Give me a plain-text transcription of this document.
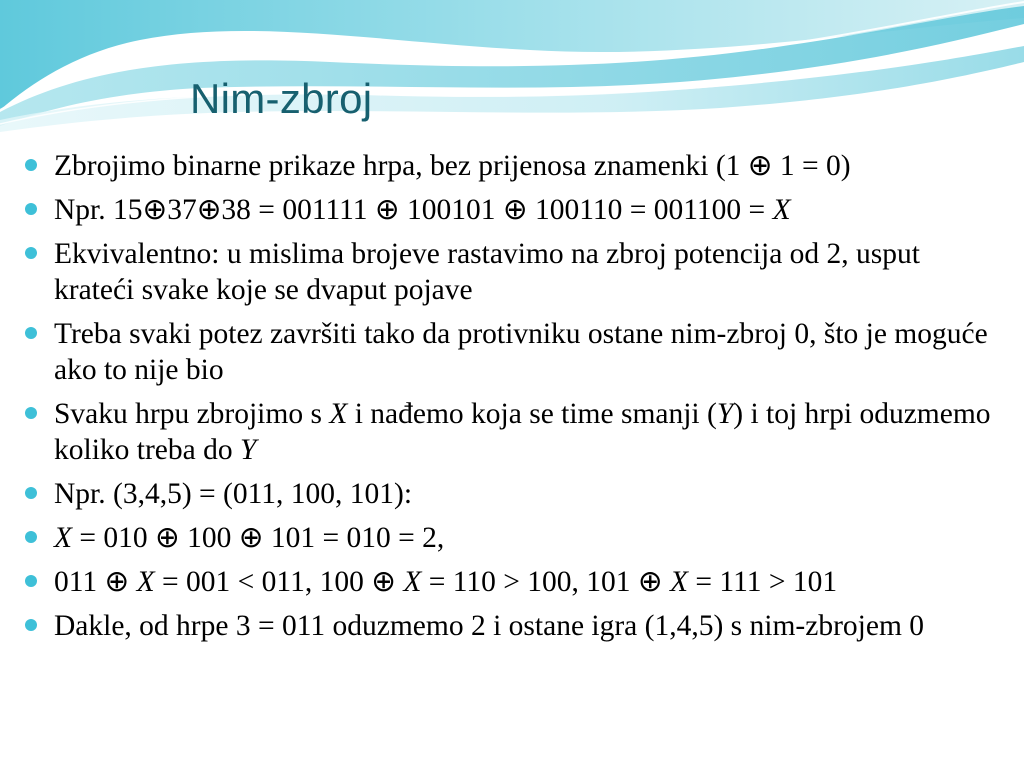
Nim-zbroj
Zbrojimo binarne prikaze hrpa, bez prijenosa znamenki (1 ⊕ 1 = 0)
Npr. 15⊕37⊕38 = 001111 ⊕ 100101 ⊕ 100110 = 001100 = X
Ekvivalentno: u mislima brojeve rastavimo na zbroj potencija od 2, usput krateći svake koje se dvaput pojave
Treba svaki potez završiti tako da protivniku ostane nim-zbroj 0, što je moguće ako to nije bio
Svaku hrpu zbrojimo s X i nađemo koja se time smanji (Y) i toj hrpi oduzmemo koliko treba do Y
Npr. (3,4,5) = (011, 100, 101):
X = 010 ⊕ 100 ⊕ 101 = 010 = 2,
011 ⊕ X = 001 < 011, 100 ⊕ X = 110 > 100, 101 ⊕ X = 111 > 101
Dakle, od hrpe 3 = 011 oduzmemo 2 i ostane igra (1,4,5) s nim-zbrojem 0
